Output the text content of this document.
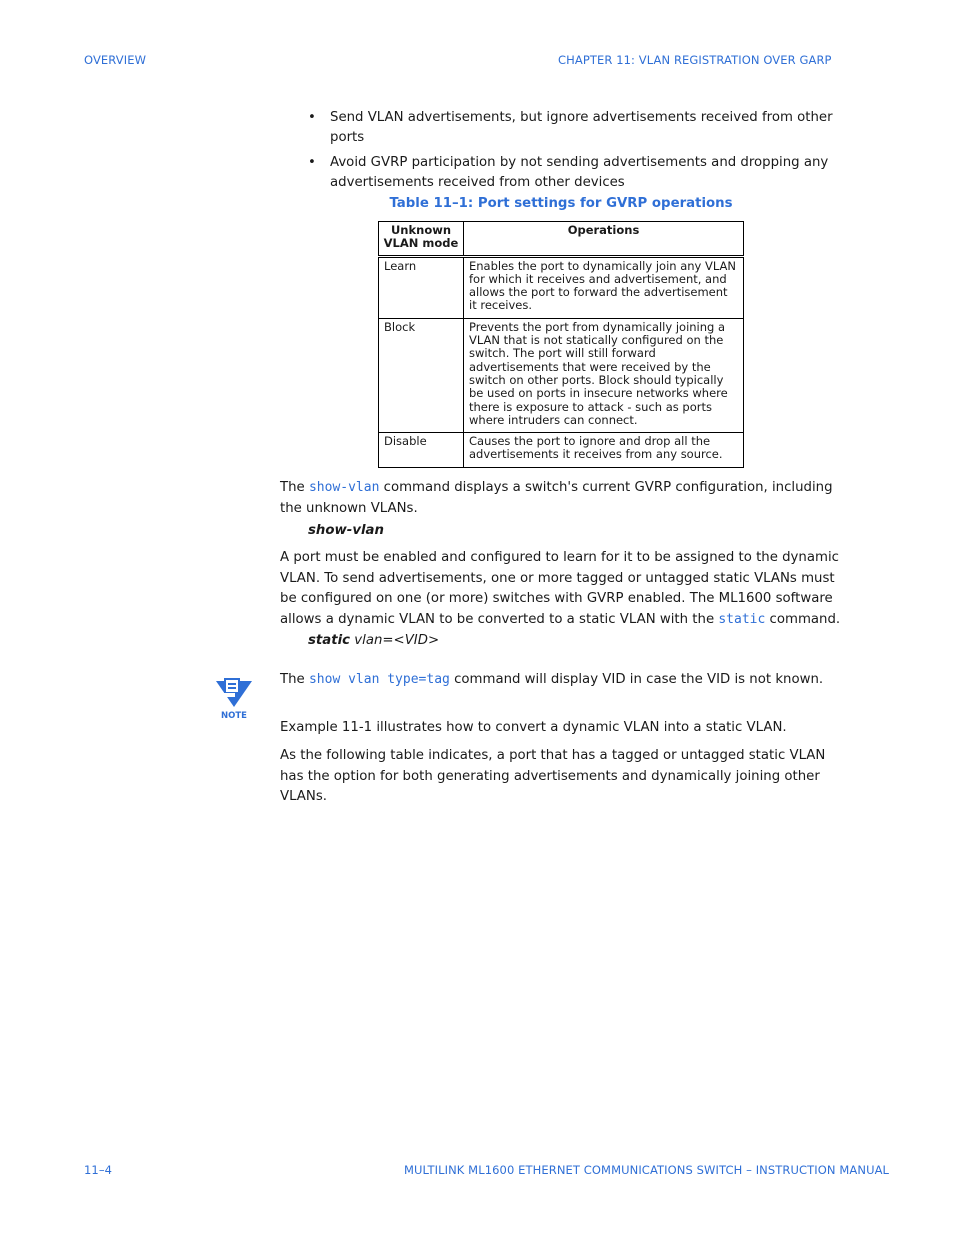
OVERVIEW	CHAPTER 11: VLAN REGISTRATION OVER GARP
• Send VLAN advertisements, but ignore advertisements received from other ports
• Avoid GVRP participation by not sending advertisements and dropping any advertisements received from other devices
Table 11–1: Port settings for GVRP operations
Unknown VLAN mode	Operations
Learn	Enables the port to dynamically join any VLAN for which it receives and advertisement, and allows the port to forward the advertisement it receives.
Block	Prevents the port from dynamically joining a VLAN that is not statically configured on the switch. The port will still forward advertisements that were received by the switch on other ports. Block should typically be used on ports in insecure networks where there is exposure to attack - such as ports where intruders can connect.
Disable	Causes the port to ignore and drop all the advertisements it receives from any source.
The show-vlan command displays a switch's current GVRP configuration, including the unknown VLANs.
show-vlan
A port must be enabled and configured to learn for it to be assigned to the dynamic VLAN. To send advertisements, one or more tagged or untagged static VLANs must be configured on one (or more) switches with GVRP enabled. The ML1600 software allows a dynamic VLAN to be converted to a static VLAN with the static command.
static vlan=<VID>
NOTE
The show vlan type=tag command will display VID in case the VID is not known.
Example 11-1 illustrates how to convert a dynamic VLAN into a static VLAN.
As the following table indicates, a port that has a tagged or untagged static VLAN has the option for both generating advertisements and dynamically joining other VLANs.
11–4	MULTILINK ML1600 ETHERNET COMMUNICATIONS SWITCH – INSTRUCTION MANUAL
